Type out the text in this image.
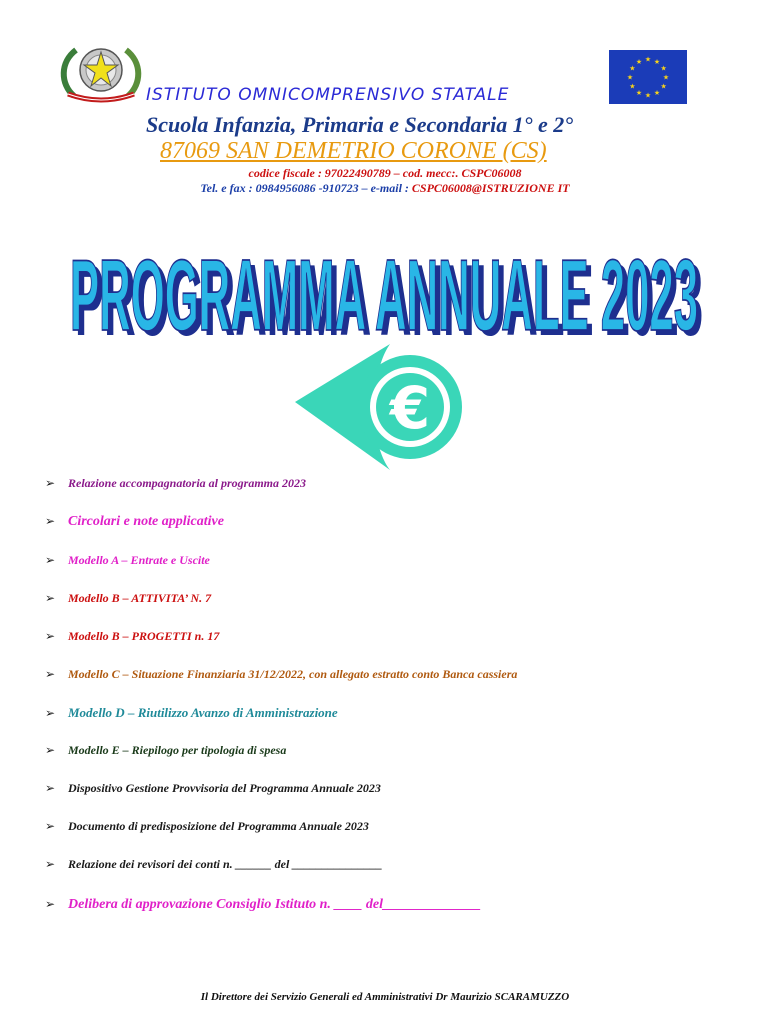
★ ★
★
★
★
★
★
★
★
★
★
★
ISTITUTO OMNICOMPRENSIVO STATALE
Scuola Infanzia, Primaria e Secondaria 1° e 2°
87069 SAN DEMETRIO CORONE (CS)
codice fiscale : 97022490789 – cod. mecc:. CSPC06008
Tel. e fax : 0984956086 -910723 – e-mail : CSPC06008@ISTRUZIONE IT
PROGRAMMA ANNUALE 2023
PROGRAMMA ANNUALE 2023
€
➢ Relazione accompagnatoria al programma 2023
➢ Circolari e note applicative
➢ Modello A – Entrate e Uscite
➢ Modello B – ATTIVITA’ N. 7
➢ Modello B – PROGETTI n. 17
➢ Modello C – Situazione Finanziaria 31/12/2022, con allegato estratto conto Banca cassiera
➢ Modello D – Riutilizzo Avanzo di Amministrazione
➢ Modello E – Riepilogo per tipologia di spesa
➢ Dispositivo Gestione Provvisoria del Programma Annuale 2023
➢ Documento di predisposizione del Programma Annuale 2023
➢ Relazione dei revisori dei conti n. ______ del _______________
➢ Delibera di approvazione Consiglio Istituto n. ____ del______________
Il Direttore dei Servizio Generali ed Amministrativi Dr Maurizio SCARAMUZZO
